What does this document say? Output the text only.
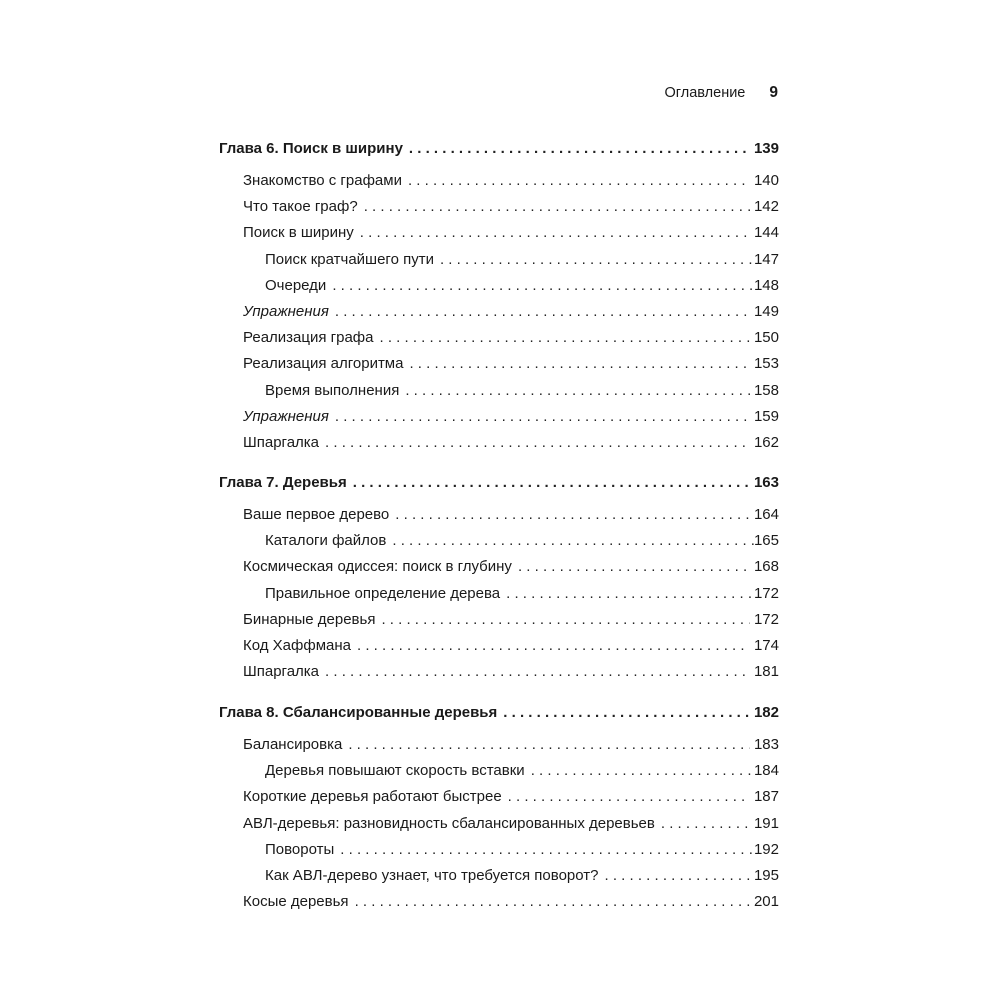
Оглавление 9
Глава 6. Поиск в ширину . . .	139
Знакомство с графами . . .	140
Что такое граф? . . .	142
Поиск в ширину . . .	144
Поиск кратчайшего пути . . .	147
Очереди . . .	148
Упражнения . . .	149
Реализация графа . . .	150
Реализация алгоритма . . .	153
Время выполнения . . .	158
Упражнения . . .	159
Шпаргалка . . .	162
Глава 7. Деревья . . .	163
Ваше первое дерево . . .	164
Каталоги файлов . . .	165
Космическая одиссея: поиск в глубину . . .	168
Правильное определение дерева . . .	172
Бинарные деревья . . .	172
Код Хаффмана . . .	174
Шпаргалка . . .	181
Глава 8. Сбалансированные деревья . . .	182
Балансировка . . .	183
Деревья повышают скорость вставки . . .	184
Короткие деревья работают быстрее . . .	187
АВЛ-деревья: разновидность сбалансированных деревьев . . .	191
Повороты . . .	192
Как АВЛ-дерево узнает, что требуется поворот? . . .	195
Косые деревья . . .	201
